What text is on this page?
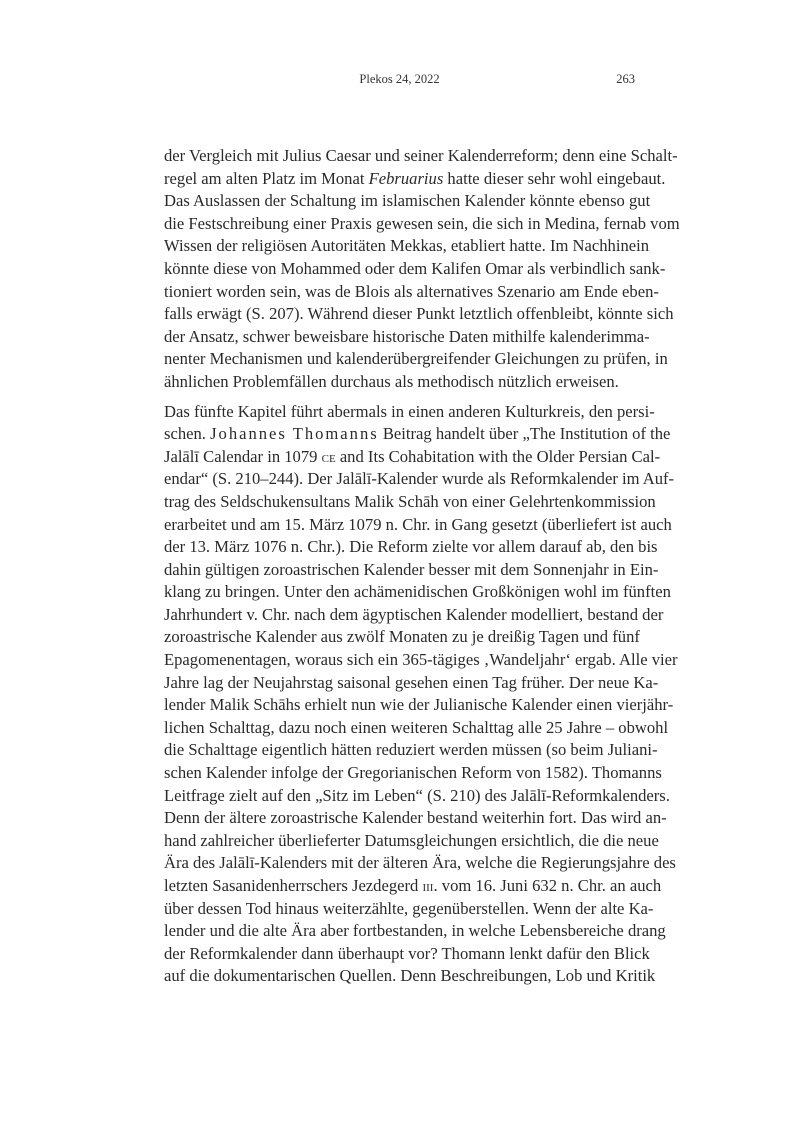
Plekos 24, 2022	263

der Vergleich mit Julius Caesar und seiner Kalenderreform; denn eine Schalt-
regel am alten Platz im Monat Februarius hatte dieser sehr wohl eingebaut.
Das Auslassen der Schaltung im islamischen Kalender könnte ebenso gut
die Festschreibung einer Praxis gewesen sein, die sich in Medina, fernab vom
Wissen der religiösen Autoritäten Mekkas, etabliert hatte. Im Nachhinein
könnte diese von Mohammed oder dem Kalifen Omar als verbindlich sank-
tioniert worden sein, was de Blois als alternatives Szenario am Ende eben-
falls erwägt (S. 207). Während dieser Punkt letztlich offenbleibt, könnte sich
der Ansatz, schwer beweisbare historische Daten mithilfe kalenderimma-
nenter Mechanismen und kalenderübergreifender Gleichungen zu prüfen, in
ähnlichen Problemfällen durchaus als methodisch nützlich erweisen.

Das fünfte Kapitel führt abermals in einen anderen Kulturkreis, den persi-
schen. Johannes Thomanns Beitrag handelt über „The Institution of the
Jalālī Calendar in 1079 ce and Its Cohabitation with the Older Persian Cal-
endar“ (S. 210–244). Der Jalālī-Kalender wurde als Reformkalender im Auf-
trag des Seldschukensultans Malik Schāh von einer Gelehrtenkommission
erarbeitet und am 15. März 1079 n. Chr. in Gang gesetzt (überliefert ist auch
der 13. März 1076 n. Chr.). Die Reform zielte vor allem darauf ab, den bis
dahin gültigen zoroastrischen Kalender besser mit dem Sonnenjahr in Ein-
klang zu bringen. Unter den achämenidischen Großkönigen wohl im fünften
Jahrhundert v. Chr. nach dem ägyptischen Kalender modelliert, bestand der
zoroastrische Kalender aus zwölf Monaten zu je dreißig Tagen und fünf
Epagomenentagen, woraus sich ein 365-tägiges ‚Wandeljahr‘ ergab. Alle vier
Jahre lag der Neujahrstag saisonal gesehen einen Tag früher. Der neue Ka-
lender Malik Schāhs erhielt nun wie der Julianische Kalender einen vierjähr-
lichen Schalttag, dazu noch einen weiteren Schalttag alle 25 Jahre – obwohl
die Schalttage eigentlich hätten reduziert werden müssen (so beim Juliani-
schen Kalender infolge der Gregorianischen Reform von 1582). Thomanns
Leitfrage zielt auf den „Sitz im Leben“ (S. 210) des Jalālī-Reformkalenders.
Denn der ältere zoroastrische Kalender bestand weiterhin fort. Das wird an-
hand zahlreicher überlieferter Datumsgleichungen ersichtlich, die die neue
Ära des Jalālī-Kalenders mit der älteren Ära, welche die Regierungsjahre des
letzten Sasanidenherrschers Jezdegerd iii. vom 16. Juni 632 n. Chr. an auch
über dessen Tod hinaus weiterzählte, gegenüberstellen. Wenn der alte Ka-
lender und die alte Ära aber fortbestanden, in welche Lebensbereiche drang
der Reformkalender dann überhaupt vor? Thomann lenkt dafür den Blick
auf die dokumentarischen Quellen. Denn Beschreibungen, Lob und Kritik
